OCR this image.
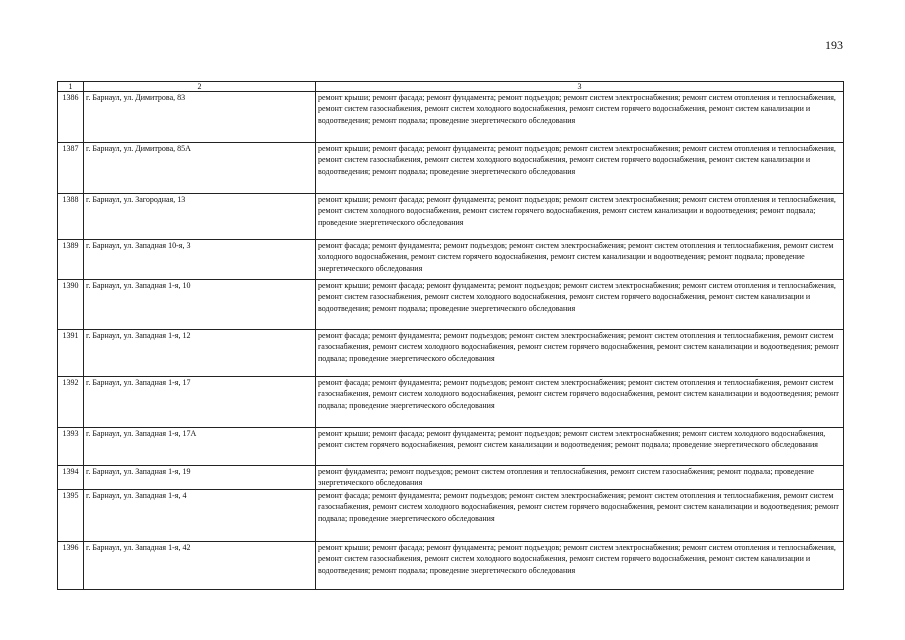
193
1	2	3
1386	г. Барнаул, ул. Димитрова, 83	ремонт крыши; ремонт фасада; ремонт фундамента; ремонт подъездов; ремонт систем электроснабжения; ремонт систем отопления и теплоснабжения, ремонт систем газоснабжения, ремонт систем холодного водоснабжения, ремонт систем горячего водоснабжения, ремонт систем канализации и водоотведения; ремонт подвала; проведение энергетического обследования
1387	г. Барнаул, ул. Димитрова, 85А	ремонт крыши; ремонт фасада; ремонт фундамента; ремонт подъездов; ремонт систем электроснабжения; ремонт систем отопления и теплоснабжения, ремонт систем газоснабжения, ремонт систем холодного водоснабжения, ремонт систем горячего водоснабжения, ремонт систем канализации и водоотведения; ремонт подвала; проведение энергетического обследования
1388	г. Барнаул, ул. Загородная, 13	ремонт крыши; ремонт фасада; ремонт фундамента; ремонт подъездов; ремонт систем электроснабжения; ремонт систем отопления и теплоснабжения, ремонт систем холодного водоснабжения, ремонт систем горячего водоснабжения, ремонт систем канализации и водоотведения; ремонт подвала; проведение энергетического обследования
1389	г. Барнаул, ул. Западная 10-я, 3	ремонт фасада; ремонт фундамента; ремонт подъездов; ремонт систем электроснабжения; ремонт систем отопления и теплоснабжения, ремонт систем холодного водоснабжения, ремонт систем горячего водоснабжения, ремонт систем канализации и водоотведения; ремонт подвала; проведение энергетического обследования
1390	г. Барнаул, ул. Западная 1-я, 10	ремонт крыши; ремонт фасада; ремонт фундамента; ремонт подъездов; ремонт систем электроснабжения; ремонт систем отопления и теплоснабжения, ремонт систем газоснабжения, ремонт систем холодного водоснабжения, ремонт систем горячего водоснабжения, ремонт систем канализации и водоотведения; ремонт подвала; проведение энергетического обследования
1391	г. Барнаул, ул. Западная 1-я, 12	ремонт фасада; ремонт фундамента; ремонт подъездов; ремонт систем электроснабжения; ремонт систем отопления и теплоснабжения, ремонт систем газоснабжения, ремонт систем холодного водоснабжения, ремонт систем горячего водоснабжения, ремонт систем канализации и водоотведения; ремонт подвала; проведение энергетического обследования
1392	г. Барнаул, ул. Западная 1-я, 17	ремонт фасада; ремонт фундамента; ремонт подъездов; ремонт систем электроснабжения; ремонт систем отопления и теплоснабжения, ремонт систем газоснабжения, ремонт систем холодного водоснабжения, ремонт систем горячего водоснабжения, ремонт систем канализации и водоотведения; ремонт подвала; проведение энергетического обследования
1393	г. Барнаул, ул. Западная 1-я, 17А	ремонт крыши; ремонт фасада; ремонт фундамента; ремонт подъездов; ремонт систем электроснабжения; ремонт систем холодного водоснабжения, ремонт систем горячего водоснабжения, ремонт систем канализации и водоотведения; ремонт подвала; проведение энергетического обследования
1394	г. Барнаул, ул. Западная 1-я, 19	ремонт фундамента; ремонт подъездов; ремонт систем отопления и теплоснабжения, ремонт систем газоснабжения; ремонт подвала; проведение энергетического обследования
1395	г. Барнаул, ул. Западная 1-я, 4	ремонт фасада; ремонт фундамента; ремонт подъездов; ремонт систем электроснабжения; ремонт систем отопления и теплоснабжения, ремонт систем газоснабжения, ремонт систем холодного водоснабжения, ремонт систем горячего водоснабжения, ремонт систем канализации и водоотведения; ремонт подвала; проведение энергетического обследования
1396	г. Барнаул, ул. Западная 1-я, 42	ремонт крыши; ремонт фасада; ремонт фундамента; ремонт подъездов; ремонт систем электроснабжения; ремонт систем отопления и теплоснабжения, ремонт систем газоснабжения, ремонт систем холодного водоснабжения, ремонт систем горячего водоснабжения, ремонт систем канализации и водоотведения; ремонт подвала; проведение энергетического обследования
